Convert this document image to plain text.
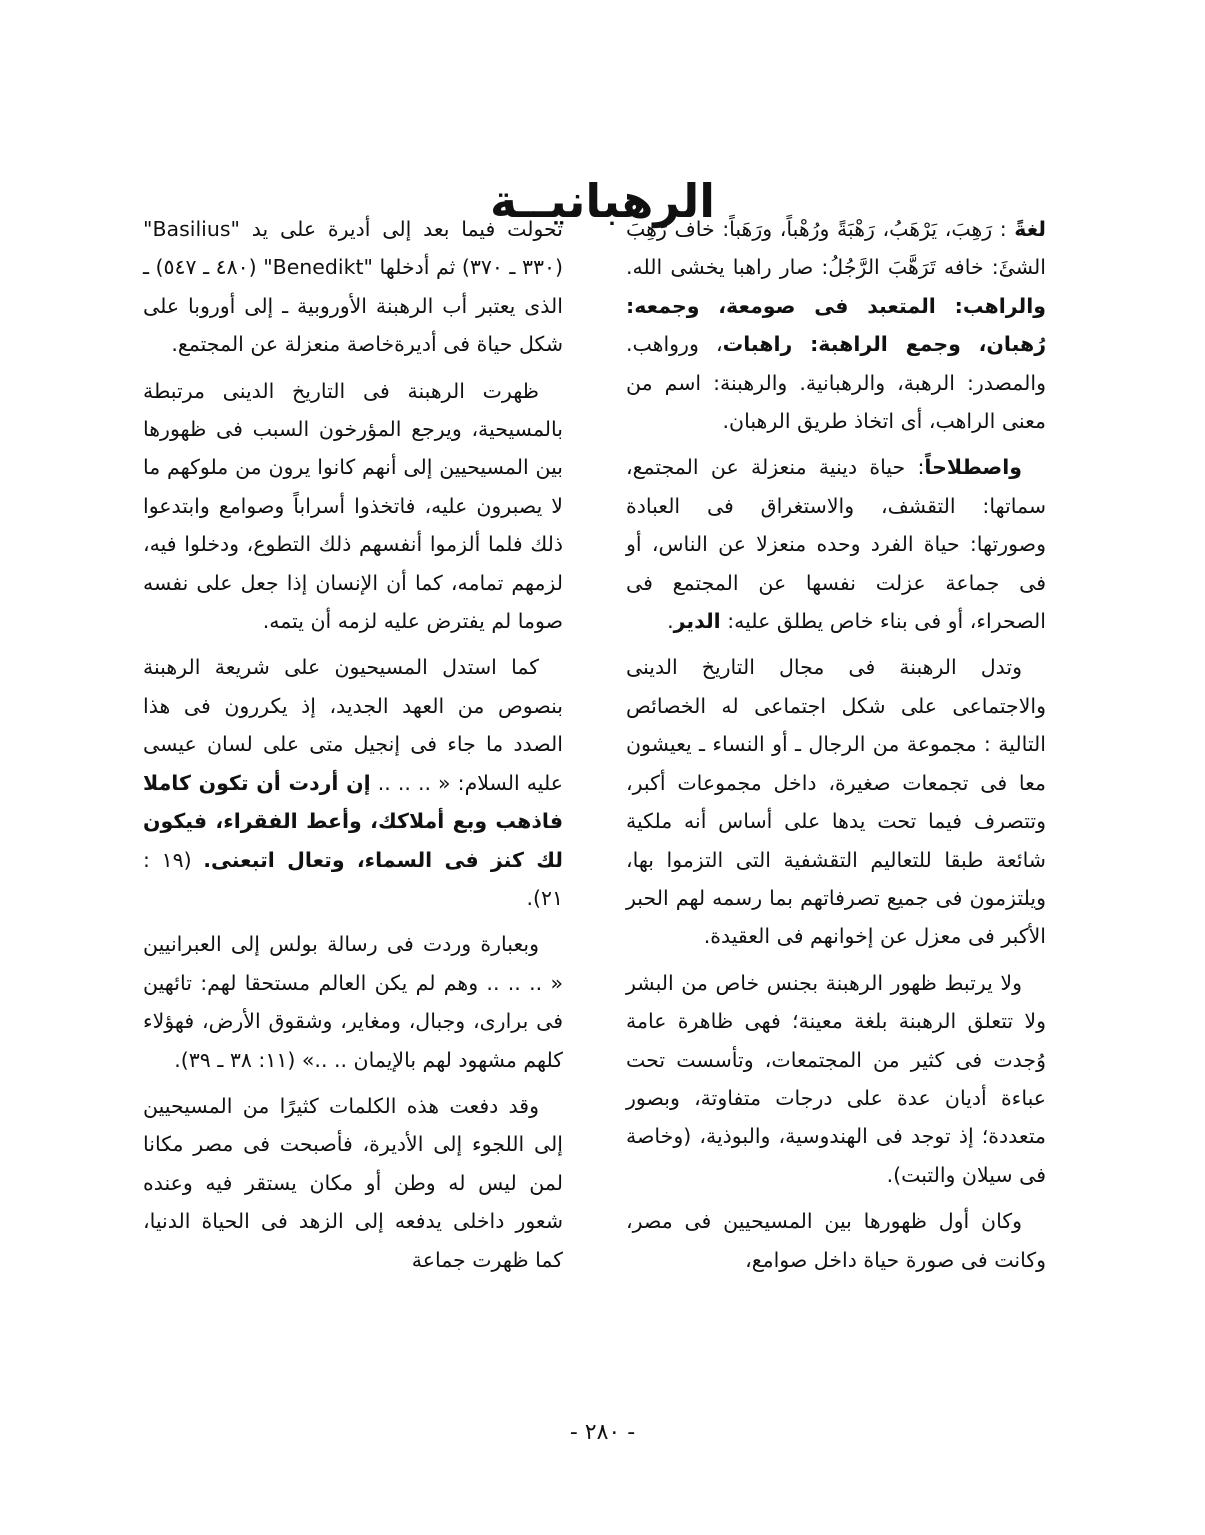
الرهبانيــة

لغةً : رَهِبَ، يَرْهَبُ، رَهْبَةً ورُهْباً، ورَهَباً: خاف رَهِبَ الشئَ: خافه تَرَهَّبَ الرَّجُلُ: صار راهبا يخشى الله. والراهب: المتعبد فى صومعة، وجمعه: رُهبان، وجمع الراهبة: راهبات، ورواهب. والمصدر: الرهبة، والرهبانية. والرهبنة: اسم من معنى الراهب، أى اتخاذ طريق الرهبان.

واصطلاحاً: حياة دينية منعزلة عن المجتمع، سماتها: التقشف، والاستغراق فى العبادة وصورتها: حياة الفرد وحده منعزلا عن الناس، أو فى جماعة عزلت نفسها عن المجتمع فى الصحراء، أو فى بناء خاص يطلق عليه: الدير.

وتدل الرهبنة فى مجال التاريخ الدينى والاجتماعى على شكل اجتماعى له الخصائص التالية : مجموعة من الرجال ـ أو النساء ـ يعيشون معا فى تجمعات صغيرة، داخل مجموعات أكبر، وتتصرف فيما تحت يدها على أساس أنه ملكية شائعة طبقا للتعاليم التقشفية التى التزموا بها، ويلتزمون فى جميع تصرفاتهم بما رسمه لهم الحبر الأكبر فى معزل عن إخوانهم فى العقيدة.

ولا يرتبط ظهور الرهبنة بجنس خاص من البشر ولا تتعلق الرهبنة بلغة معينة؛ فهى ظاهرة عامة وُجدت فى كثير من المجتمعات، وتأسست تحت عباءة أديان عدة على درجات متفاوتة، وبصور متعددة؛ إذ توجد فى الهندوسية، والبوذية، (وخاصة فى سيلان والتبت).

وكان أول ظهورها بين المسيحيين فى مصر، وكانت فى صورة حياة داخل صوامع،

تحولت فيما بعد إلى أديرة على يد "Basilius" (٣٣٠ ـ ٣٧٠) ثم أدخلها "Benedikt" (٤٨٠ ـ ٥٤٧) ـ الذى يعتبر أب الرهبنة الأوروبية ـ إلى أوروبا على شكل حياة فى أديرةخاصة منعزلة عن المجتمع.

ظهرت الرهبنة فى التاريخ الدينى مرتبطة بالمسيحية، ويرجع المؤرخون السبب فى ظهورها بين المسيحيين إلى أنهم كانوا يرون من ملوكهم ما لا يصبرون عليه، فاتخذوا أسراباً وصوامع وابتدعوا ذلك فلما ألزموا أنفسهم ذلك التطوع، ودخلوا فيه، لزمهم تمامه، كما أن الإنسان إذا جعل على نفسه صوما لم يفترض عليه لزمه أن يتمه.

كما استدل المسيحيون على شريعة الرهبنة بنصوص من العهد الجديد، إذ يكررون فى هذا الصدد ما جاء فى إنجيل متى على لسان عيسى عليه السلام: « .. .. .. إن أردت أن تكون كاملا فاذهب وبع أملاكك، وأعط الفقراء، فيكون لك كنز فى السماء، وتعال اتبعنى. (١٩ : ٢١).

وبعبارة وردت فى رسالة بولس إلى العبرانيين « .. .. .. وهم لم يكن العالم مستحقا لهم: تائهين فى برارى، وجبال، ومغاير، وشقوق الأرض، فهؤلاء كلهم مشهود لهم بالإيمان .. ..» (١١: ٣٨ ـ ٣٩).

وقد دفعت هذه الكلمات كثيرًا من المسيحيين إلى اللجوء إلى الأديرة، فأصبحت فى مصر مكانا لمن ليس له وطن أو مكان يستقر فيه وعنده شعور داخلى يدفعه إلى الزهد فى الحياة الدنيا، كما ظهرت جماعة

- ٢٨٠ -
